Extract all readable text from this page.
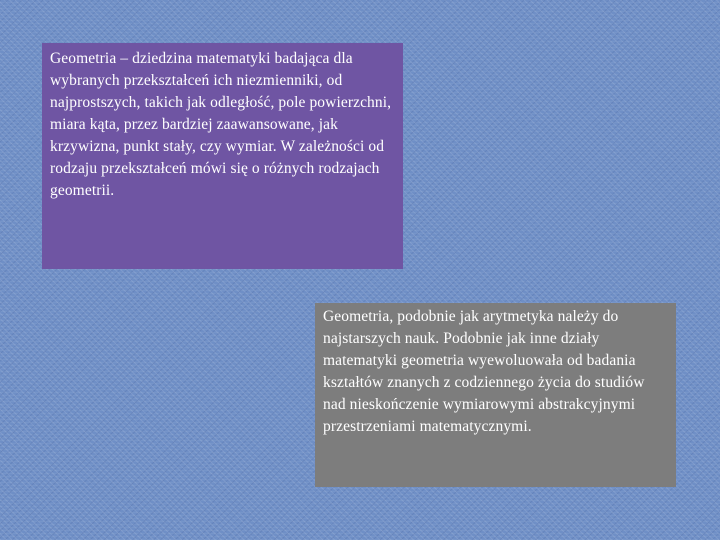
Geometria – dziedzina matematyki badająca dla wybranych przekształceń ich niezmienniki, od najprostszych, takich jak odległość, pole powierzchni, miara kąta, przez bardziej zaawansowane, jak krzywizna, punkt stały, czy wymiar. W zależności od rodzaju przekształceń mówi się o różnych rodzajach geometrii.

Geometria, podobnie jak arytmetyka należy do najstarszych nauk. Podobnie jak inne działy matematyki geometria wyewoluowała od badania kształtów znanych z codziennego życia do studiów nad nieskończenie wymiarowymi abstrakcyjnymi przestrzeniami matematycznymi.
